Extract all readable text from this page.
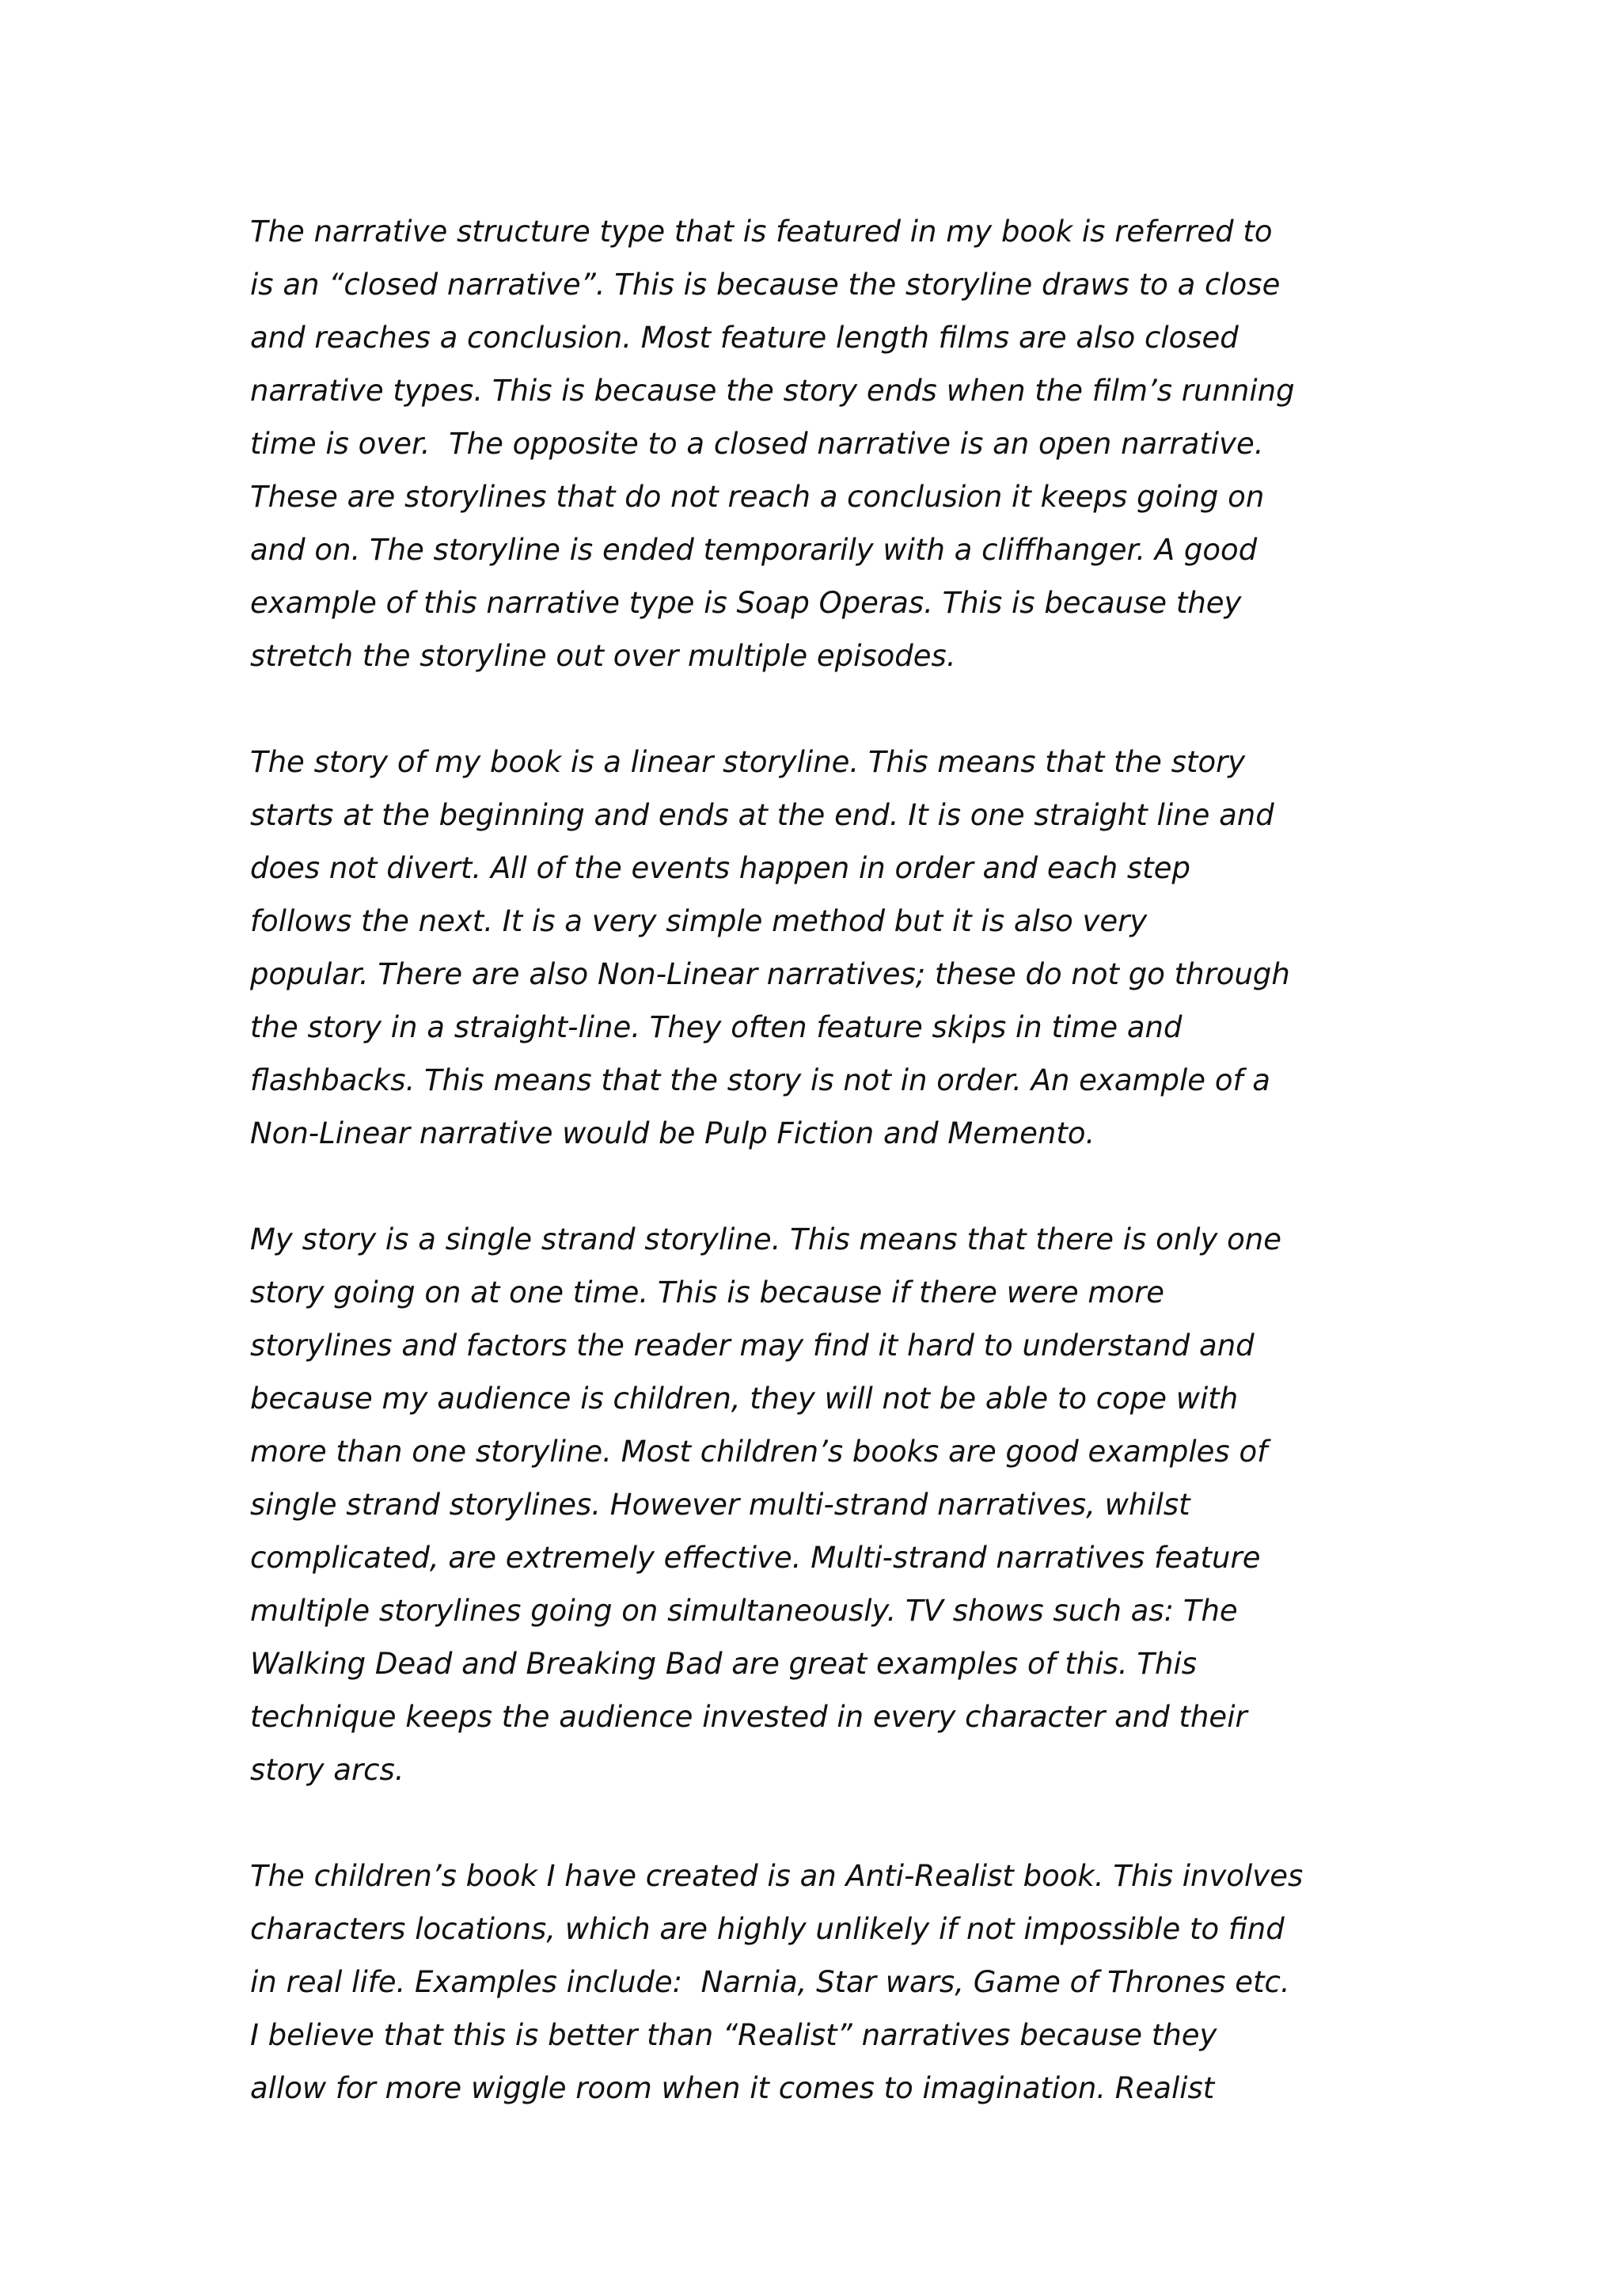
The narrative structure type that is featured in my book is referred to
is an “closed narrative”. This is because the storyline draws to a close
and reaches a conclusion. Most feature length films are also closed
narrative types. This is because the story ends when the film’s running
time is over.  The opposite to a closed narrative is an open narrative.
These are storylines that do not reach a conclusion it keeps going on
and on. The storyline is ended temporarily with a cliffhanger. A good
example of this narrative type is Soap Operas. This is because they
stretch the storyline out over multiple episodes.

The story of my book is a linear storyline. This means that the story
starts at the beginning and ends at the end. It is one straight line and
does not divert. All of the events happen in order and each step
follows the next. It is a very simple method but it is also very
popular. There are also Non-Linear narratives; these do not go through
the story in a straight-line. They often feature skips in time and
flashbacks. This means that the story is not in order. An example of a
Non-Linear narrative would be Pulp Fiction and Memento.

My story is a single strand storyline. This means that there is only one
story going on at one time. This is because if there were more
storylines and factors the reader may find it hard to understand and
because my audience is children, they will not be able to cope with
more than one storyline. Most children’s books are good examples of
single strand storylines. However multi-strand narratives, whilst
complicated, are extremely effective. Multi-strand narratives feature
multiple storylines going on simultaneously. TV shows such as: The
Walking Dead and Breaking Bad are great examples of this. This
technique keeps the audience invested in every character and their
story arcs.

The children’s book I have created is an Anti-Realist book. This involves
characters locations, which are highly unlikely if not impossible to find
in real life. Examples include:  Narnia, Star wars, Game of Thrones etc.
I believe that this is better than “Realist” narratives because they
allow for more wiggle room when it comes to imagination. Realist
